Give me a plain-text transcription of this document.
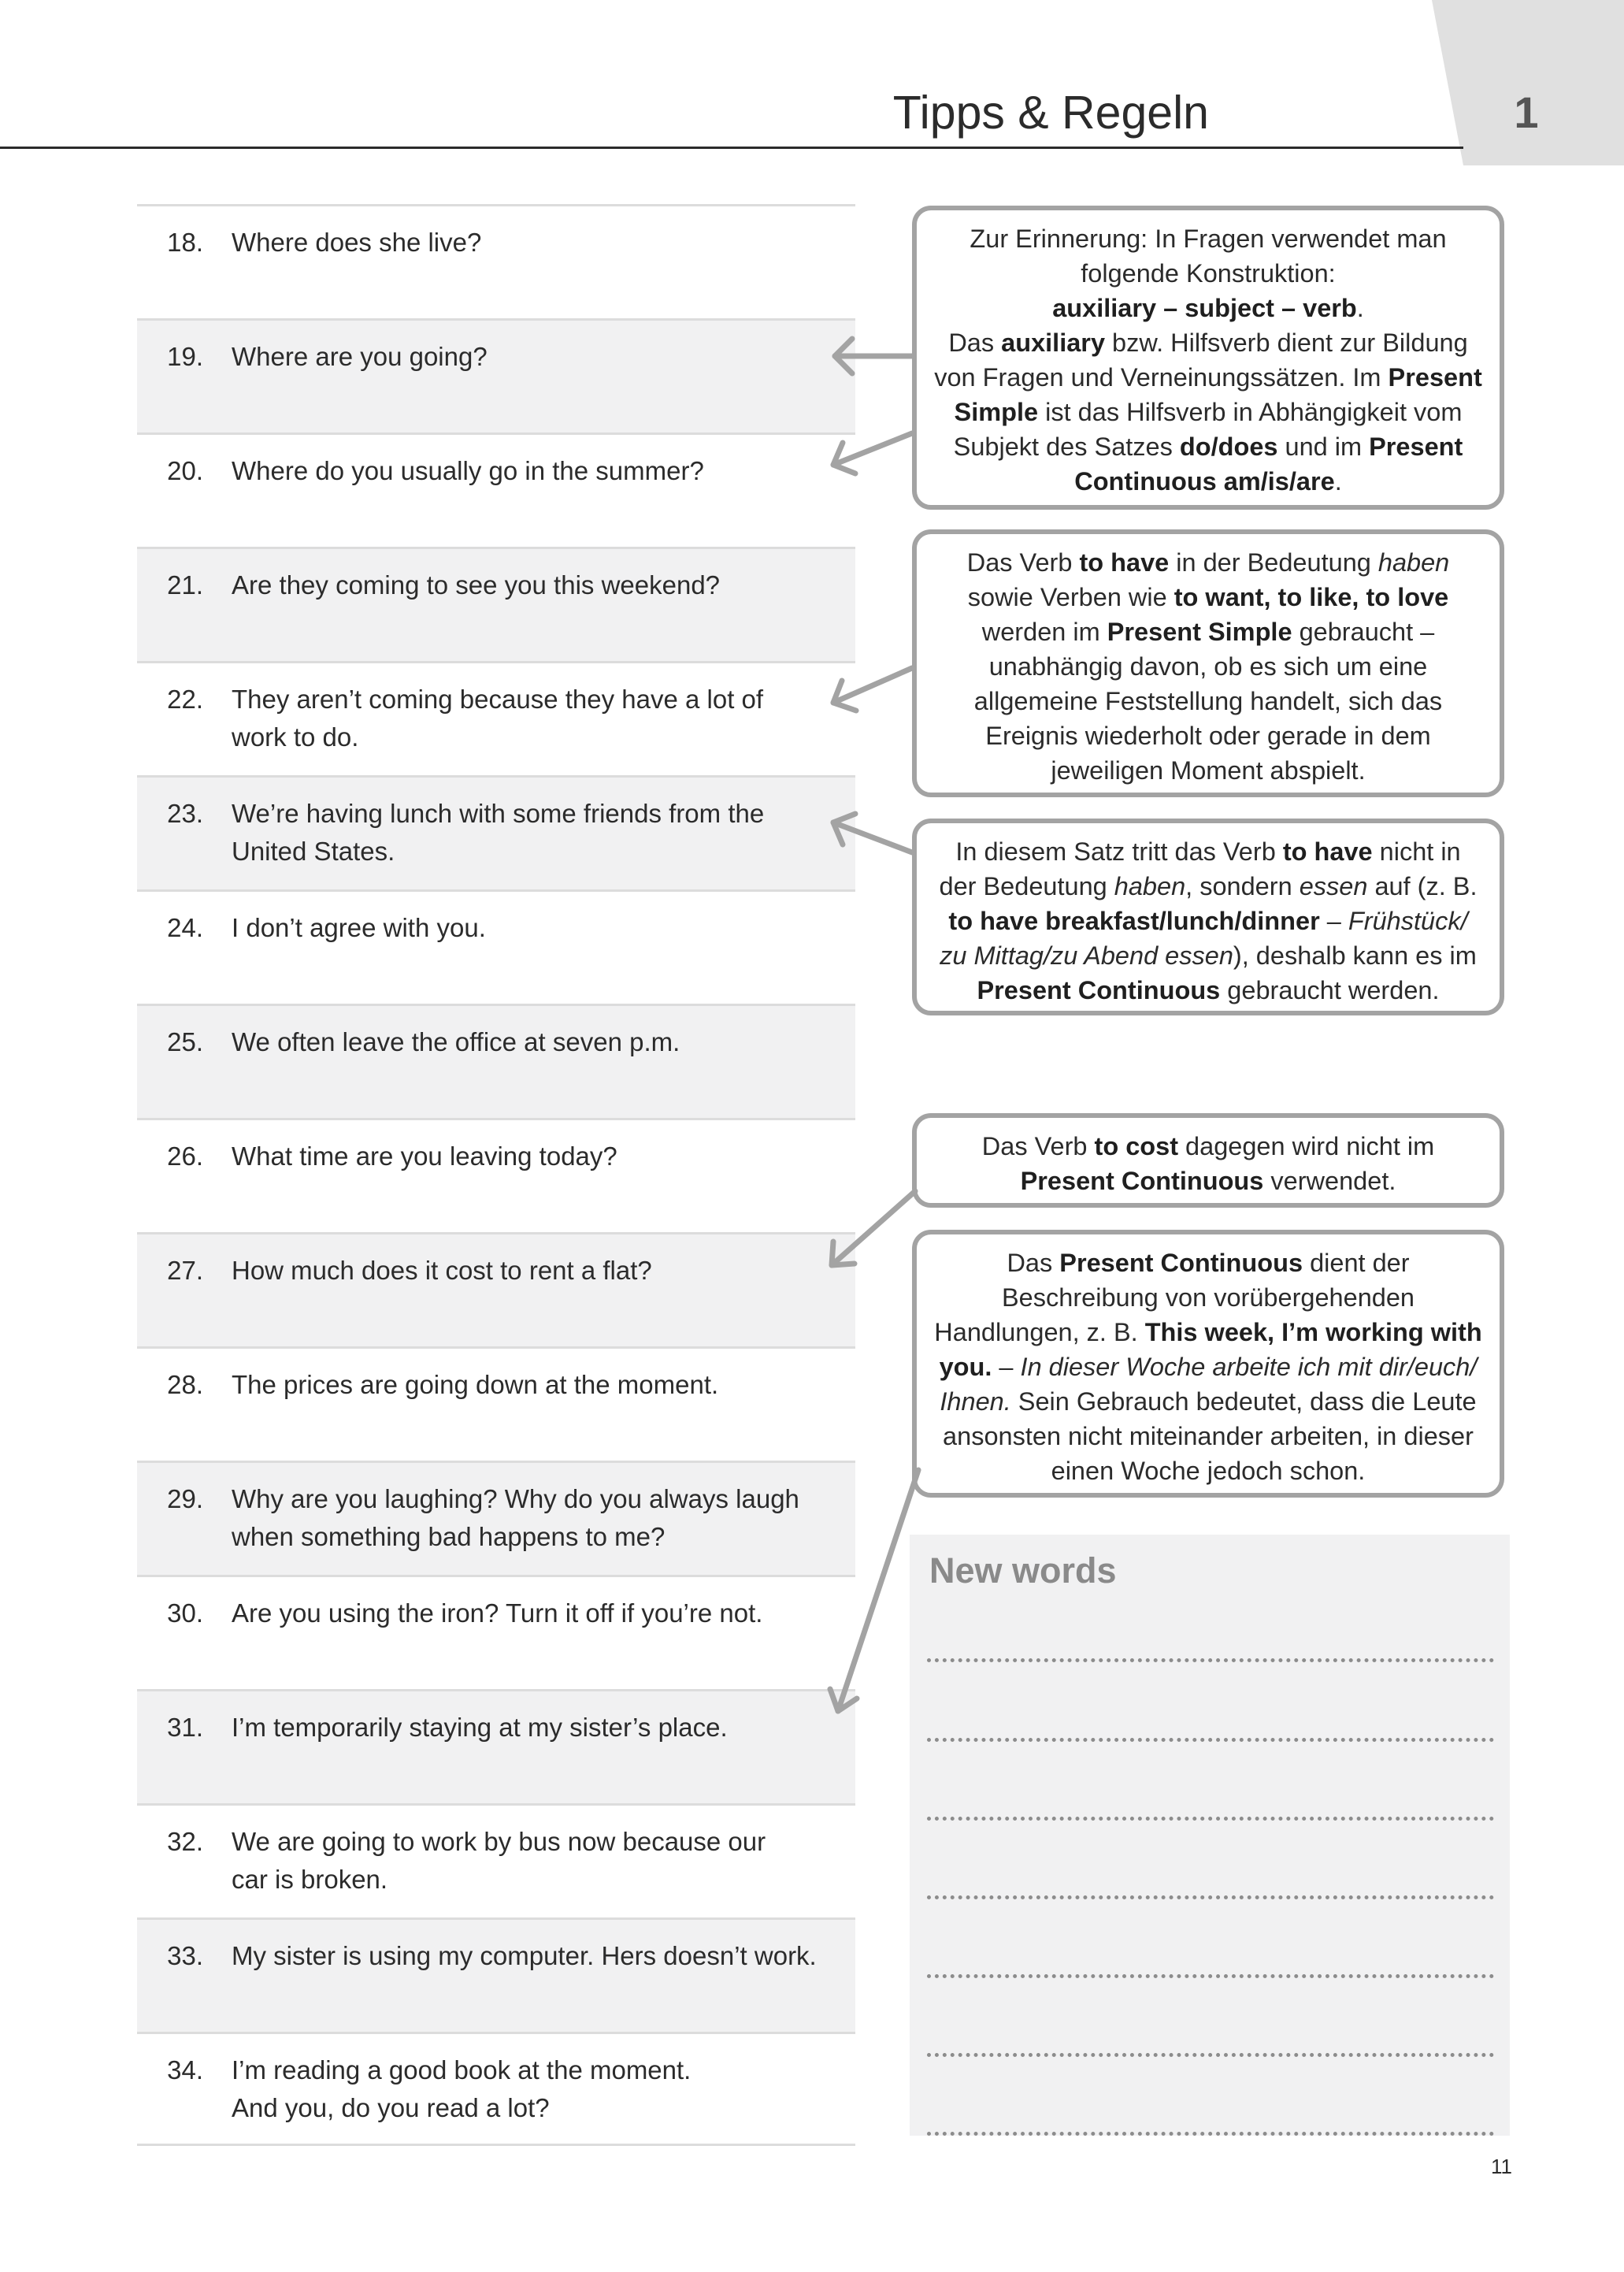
Tipps & Regeln	1
18.	Where does she live?
19.	Where are you going?
20.	Where do you usually go in the summer?
21.	Are they coming to see you this weekend?
22.	They aren’t coming because they have a lot of
work to do.
23.	We’re having lunch with some friends from the
United States.
24.	I don’t agree with you.
25.	We often leave the office at seven p.m.
26.	What time are you leaving today?
27.	How much does it cost to rent a flat?
28.	The prices are going down at the moment.
29.	Why are you laughing? Why do you always laugh
when something bad happens to me?
30.	Are you using the iron? Turn it off if you’re not.
31.	I’m temporarily staying at my sister’s place.
32.	We are going to work by bus now because our
car is broken.
33.	My sister is using my computer. Hers doesn’t work.
34.	I’m reading a good book at the moment.
And you, do you read a lot?
Zur Erinnerung: In Fragen verwendet man
folgende Konstruktion:
auxiliary – subject – verb.
Das auxiliary bzw. Hilfsverb dient zur Bildung
von Fragen und Verneinungssätzen. Im Present
Simple ist das Hilfsverb in Abhängigkeit vom
Subjekt des Satzes do/does und im Present
Continuous am/is/are.
Das Verb to have in der Bedeutung haben
sowie Verben wie to want, to like, to love
werden im Present Simple gebraucht –
unabhängig davon, ob es sich um eine
allgemeine Feststellung handelt, sich das
Ereignis wiederholt oder gerade in dem
jeweiligen Moment abspielt.
In diesem Satz tritt das Verb to have nicht in
der Bedeutung haben, sondern essen auf (z. B.
to have breakfast/lunch/dinner – Frühstück/
zu Mittag/zu Abend essen), deshalb kann es im
Present Continuous gebraucht werden.
Das Verb to cost dagegen wird nicht im
Present Continuous verwendet.
Das Present Continuous dient der
Beschreibung von vorübergehenden
Handlungen, z. B. This week, I’m working with
you. – In dieser Woche arbeite ich mit dir/euch/
Ihnen. Sein Gebrauch bedeutet, dass die Leute
ansonsten nicht miteinander arbeiten, in dieser
einen Woche jedoch schon.
New words
11
